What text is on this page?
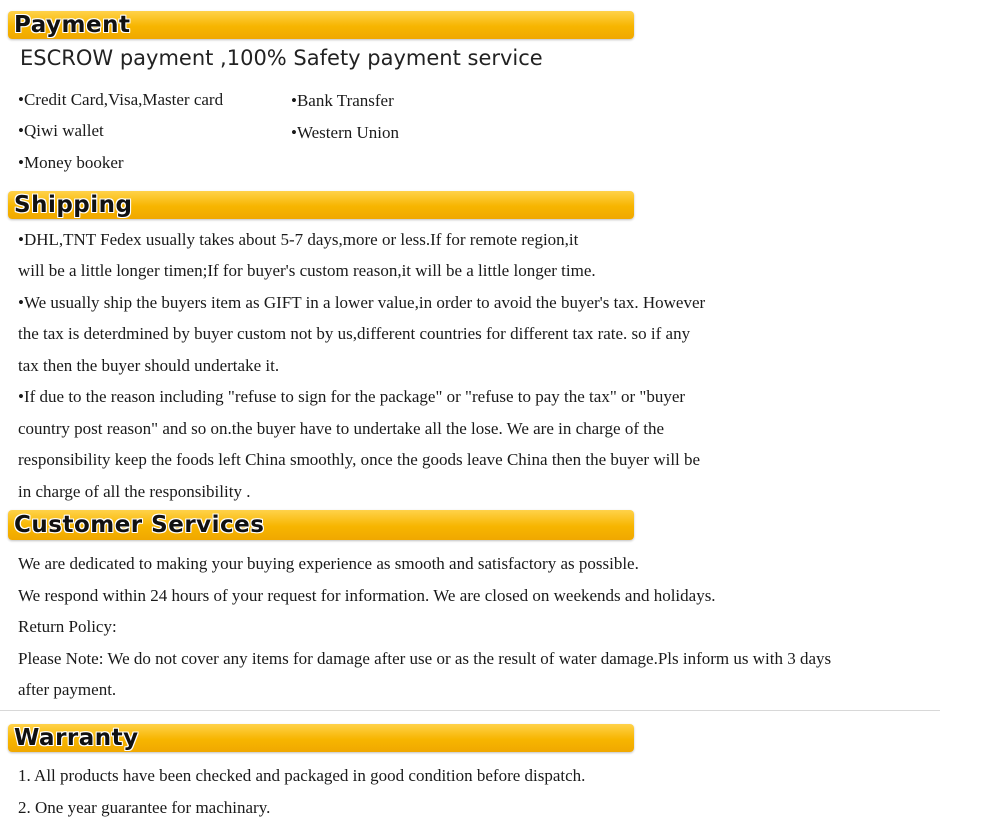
Payment
ESCROW payment ,100% Safety payment service
•Credit Card,Visa,Master card
•Qiwi wallet
•Money booker
•Bank Transfer
•Western Union
Shipping
•DHL,TNT Fedex usually takes about 5-7 days,more or less.If for remote region,it
will be a little longer timen;If for buyer's custom reason,it will be a little longer time.
•We usually ship the buyers item as GIFT in a lower value,in order to avoid the buyer's tax. However
the tax is deterdmined by buyer custom not by us,different countries for different tax rate. so if any
tax then the buyer should undertake it.
•If due to the reason including "refuse to sign for the package" or "refuse to pay the tax" or "buyer
country post reason" and so on.the buyer have to undertake all the lose. We are in charge of the
responsibility keep the foods left China smoothly, once the goods leave China then the buyer will be
in charge of all the responsibility .
Customer Services
We are dedicated to making your buying experience as smooth and satisfactory as possible.
We respond within 24 hours of your request for information. We are closed on weekends and holidays.
Return Policy:
Please Note: We do not cover any items for damage after use or as the result of water damage.Pls inform us with 3 days
after payment.
Warranty
1. All products have been checked and packaged in good condition before dispatch.
2. One year guarantee for machinary.
